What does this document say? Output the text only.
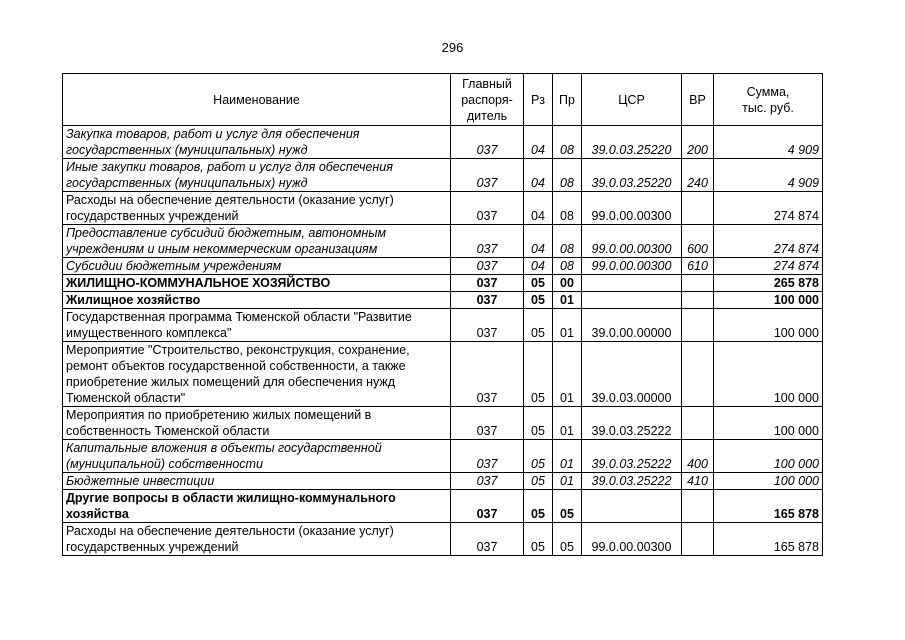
296
Наименование	Главный
распоря-
дитель	Рз	Пр	ЦСР	ВР	Сумма,
тыс. руб.
Закупка товаров, работ и услуг для обеспечения государственных (муниципальных) нужд	037	04	08	39.0.03.25220	200	4 909
Иные закупки товаров, работ и услуг для обеспечения государственных (муниципальных) нужд	037	04	08	39.0.03.25220	240	4 909
Расходы на обеспечение деятельности (оказание услуг) государственных учреждений	037	04	08	99.0.00.00300		274 874
Предоставление субсидий бюджетным, автономным учреждениям и иным некоммерческим организациям	037	04	08	99.0.00.00300	600	274 874
Субсидии бюджетным учреждениям	037	04	08	99.0.00.00300	610	274 874
ЖИЛИЩНО-КОММУНАЛЬНОЕ ХОЗЯЙСТВО	037	05	00			265 878
Жилищное хозяйство	037	05	01			100 000
Государственная программа Тюменской области "Развитие имущественного комплекса"	037	05	01	39.0.00.00000		100 000
Мероприятие "Строительство, реконструкция, сохранение, ремонт объектов государственной собственности, а также приобретение жилых помещений для обеспечения нужд Тюменской области"	037	05	01	39.0.03.00000		100 000
Мероприятия по приобретению жилых помещений в собственность Тюменской области	037	05	01	39.0.03.25222		100 000
Капитальные вложения в объекты государственной (муниципальной) собственности	037	05	01	39.0.03.25222	400	100 000
Бюджетные инвестиции	037	05	01	39.0.03.25222	410	100 000
Другие вопросы в области жилищно-коммунального хозяйства	037	05	05			165 878
Расходы на обеспечение деятельности (оказание услуг) государственных учреждений	037	05	05	99.0.00.00300		165 878
